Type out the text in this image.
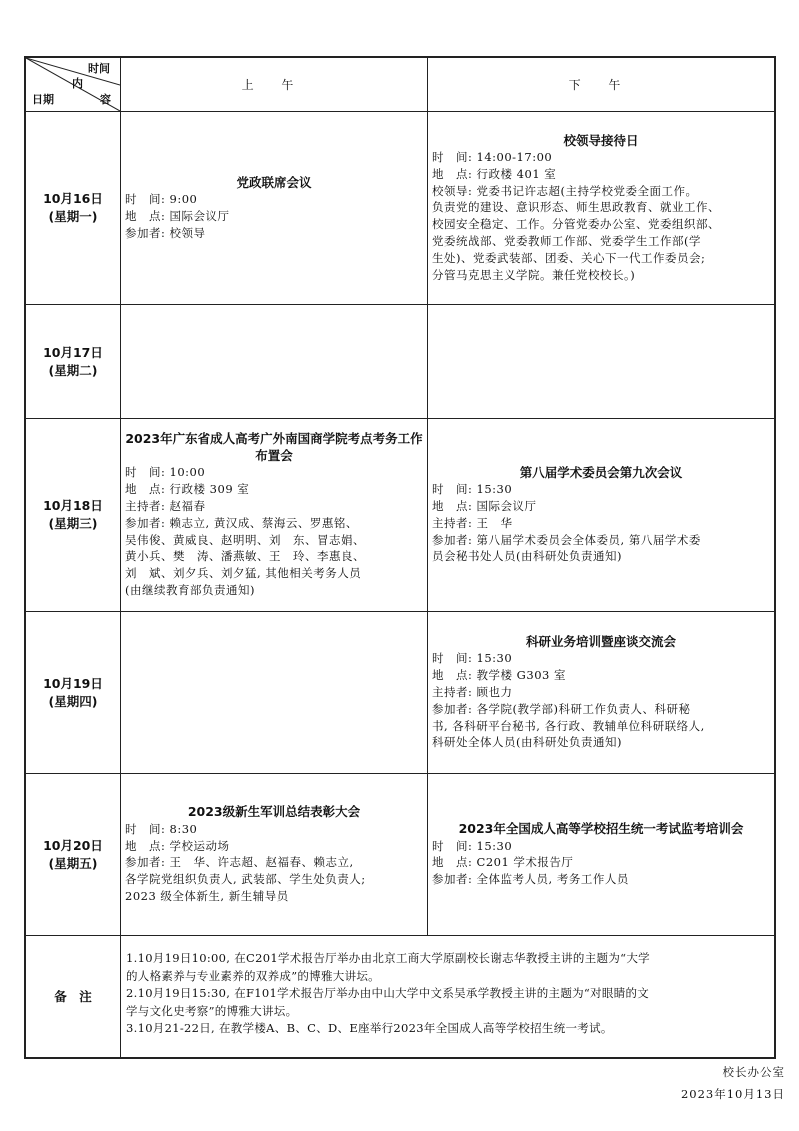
时间
内
容
日期
上 午	下 午
10月16日
(星期一)
党政联席会议
时　间: 9:00
地　点: 国际会议厅
参加者: 校领导
校领导接待日
时　间: 14:00-17:00
地　点: 行政楼 401 室
校领导: 党委书记许志超(主持学校党委全面工作。
负责党的建设、意识形态、师生思政教育、就业工作、
校园安全稳定、工作。分管党委办公室、党委组织部、
党委统战部、党委教师工作部、党委学生工作部(学
生处)、党委武装部、团委、关心下一代工作委员会;
分管马克思主义学院。兼任党校校长。)
10月17日
(星期二)
10月18日
(星期三)
2023年广东省成人高考广外南国商学院考点考务工作布置会
时　间: 10:00
地　点: 行政楼 309 室
主持者: 赵福春
参加者: 赖志立, 黄汉成、蔡海云、罗惠铭、
吴伟俊、黄威良、赵明明、刘　东、冒志娟、
黄小兵、樊　涛、潘燕敏、王　玲、李惠良、
刘　斌、刘夕兵、刘夕猛, 其他相关考务人员
(由继续教育部负责通知)
第八届学术委员会第九次会议
时　间: 15:30
地　点: 国际会议厅
主持者: 王　华
参加者: 第八届学术委员会全体委员, 第八届学术委
员会秘书处人员(由科研处负责通知)
10月19日
(星期四)
科研业务培训暨座谈交流会
时　间: 15:30
地　点: 教学楼 G303 室
主持者: 顾也力
参加者: 各学院(教学部)科研工作负责人、科研秘
书, 各科研平台秘书, 各行政、教辅单位科研联络人,
科研处全体人员(由科研处负责通知)
10月20日
(星期五)
2023级新生军训总结表彰大会
时　间: 8:30
地　点: 学校运动场
参加者: 王　华、许志超、赵福春、赖志立,
各学院党组织负责人, 武装部、学生处负责人;
2023 级全体新生, 新生辅导员
2023年全国成人高等学校招生统一考试监考培训会
时　间: 15:30
地　点: C201 学术报告厅
参加者: 全体监考人员, 考务工作人员
备　注
1.10月19日10:00, 在C201学术报告厅举办由北京工商大学原副校长谢志华教授主讲的主题为“大学
的人格素养与专业素养的双养成”的博雅大讲坛。
2.10月19日15:30, 在F101学术报告厅举办由中山大学中文系吴承学教授主讲的主题为“对眼睛的文
学与文化史考察”的博雅大讲坛。
3.10月21-22日, 在教学楼A、B、C、D、E座举行2023年全国成人高等学校招生统一考试。
校长办公室
2023年10月13日
